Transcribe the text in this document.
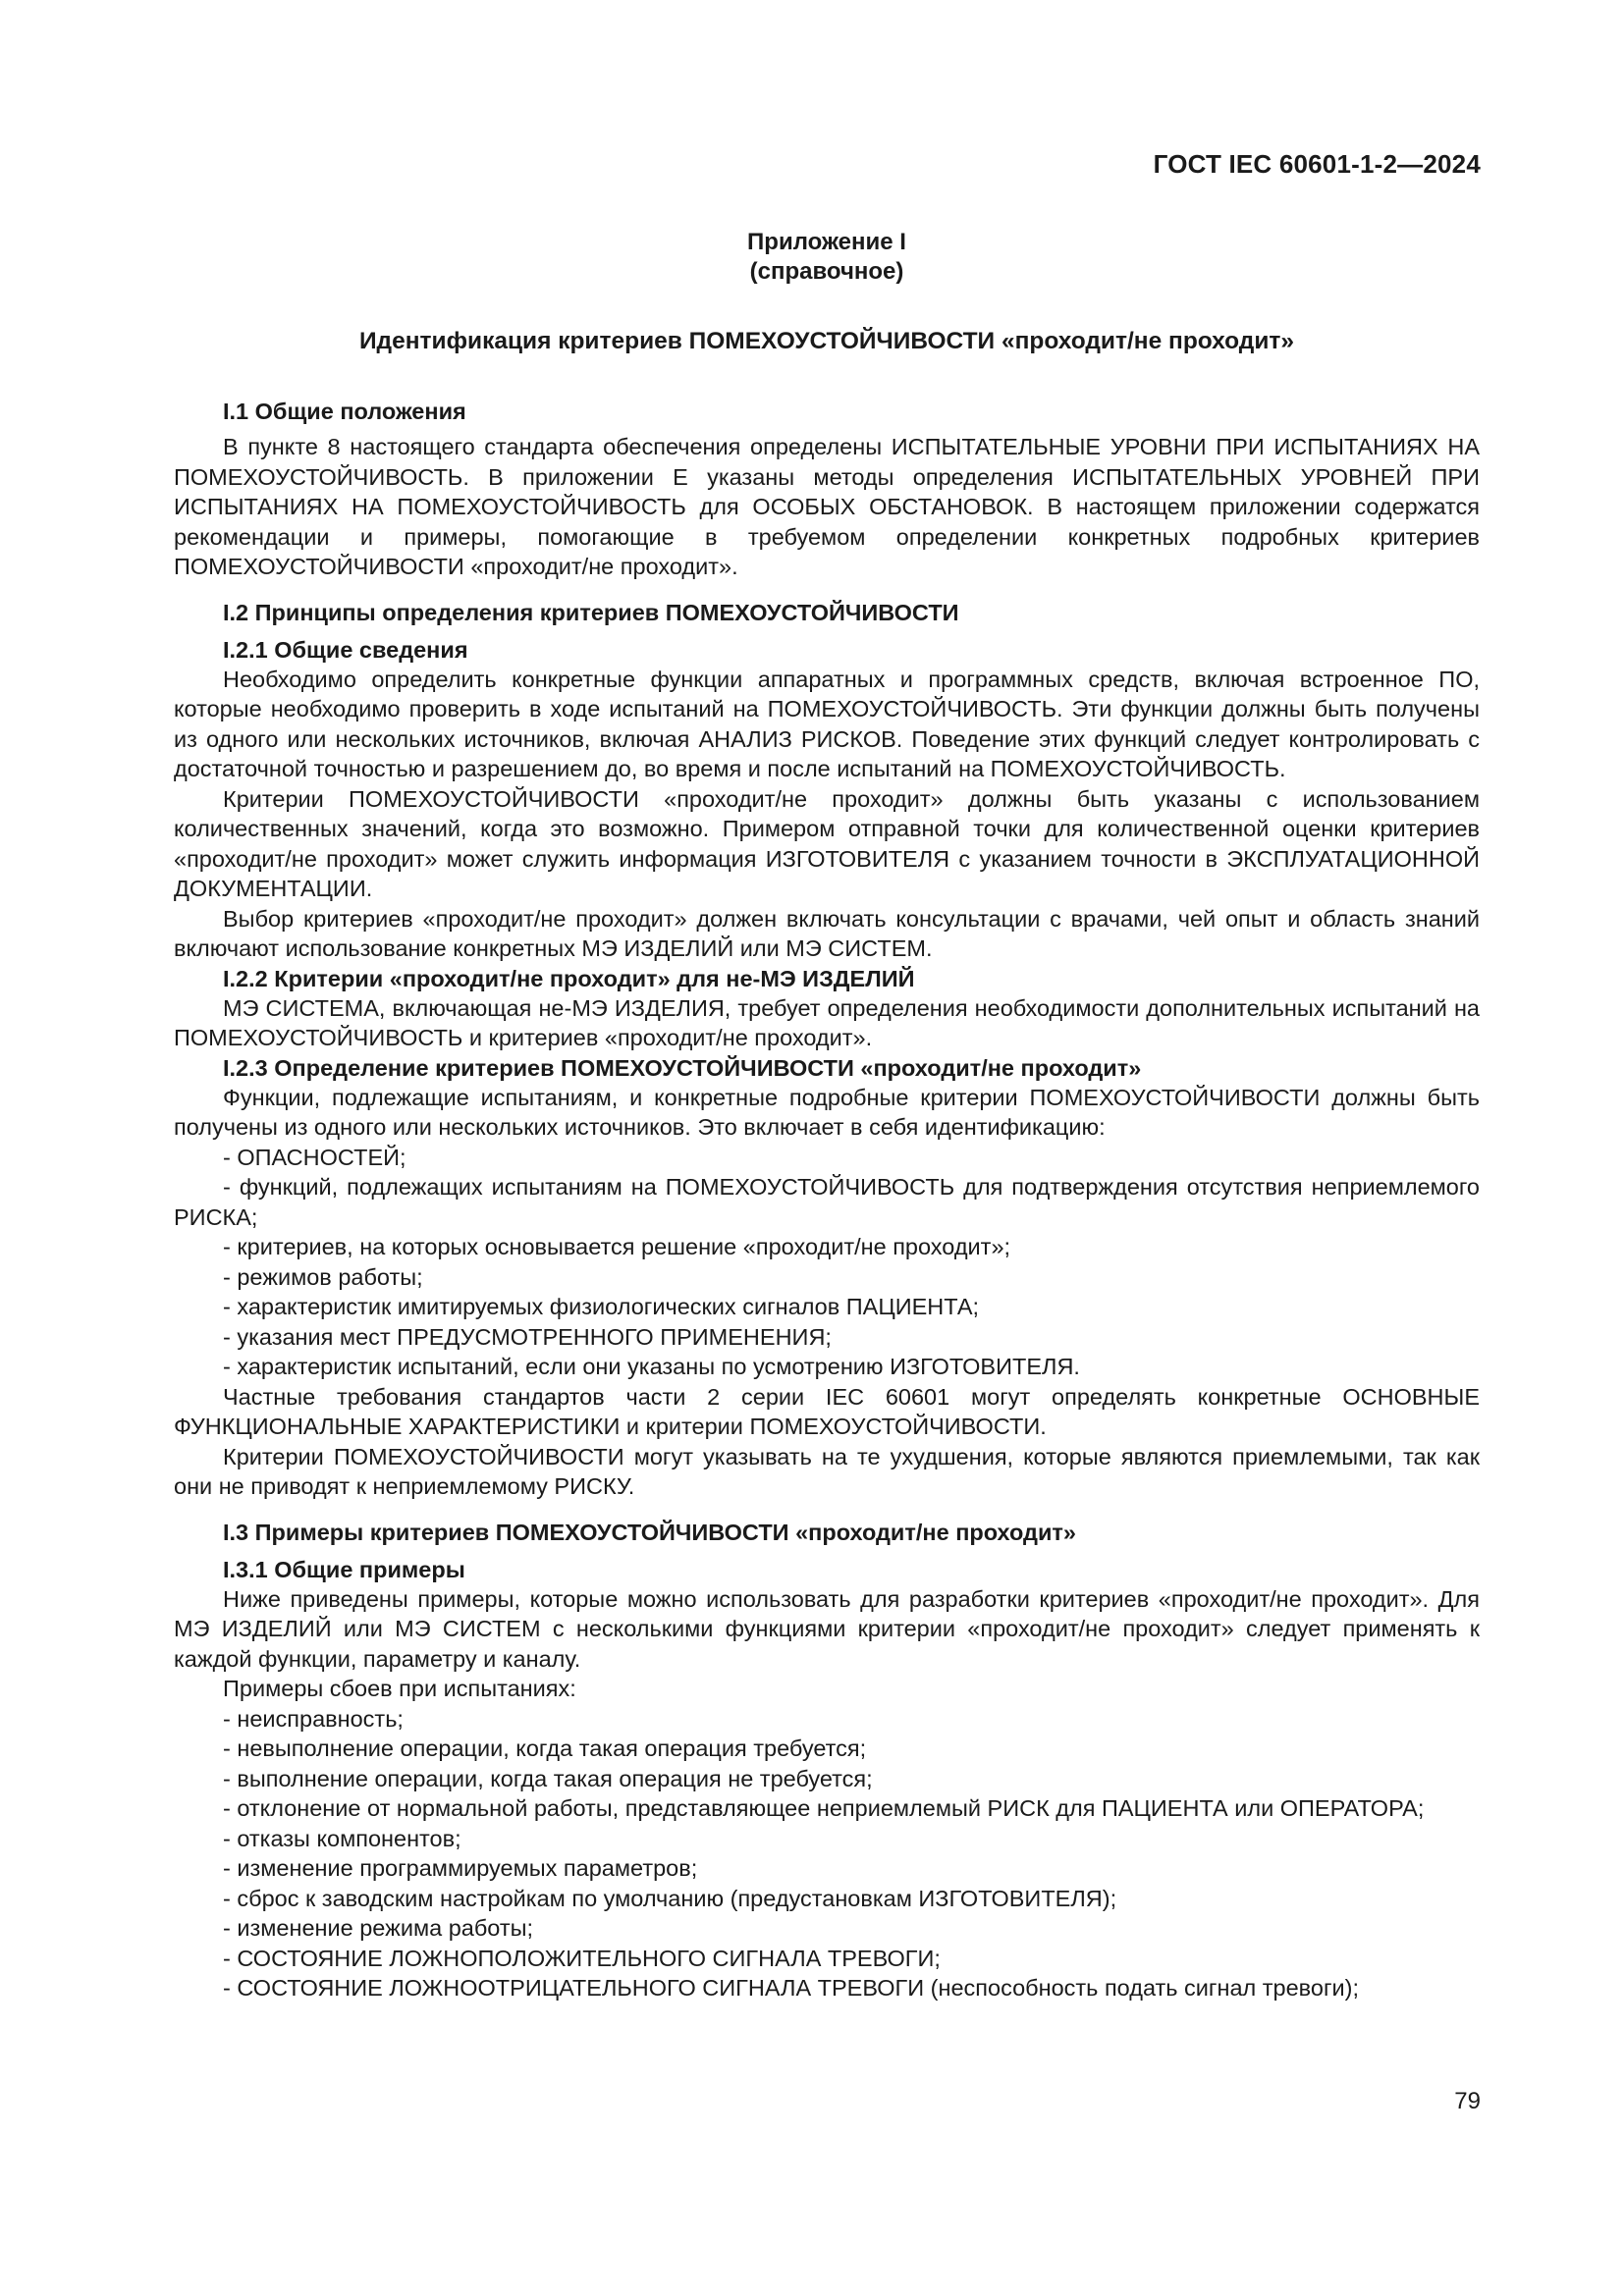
ГОСТ IEC 60601-1-2—2024
Приложение I
(справочное)
Идентификация критериев ПОМЕХОУСТОЙЧИВОСТИ «проходит/не проходит»
I.1 Общие положения

В пункте 8 настоящего стандарта обеспечения определены ИСПЫТАТЕЛЬНЫЕ УРОВНИ ПРИ ИСПЫТАНИЯХ НА ПОМЕХОУСТОЙЧИВОСТЬ. В приложении Е указаны методы определения ИСПЫТАТЕЛЬНЫХ УРОВНЕЙ ПРИ ИСПЫТАНИЯХ НА ПОМЕХОУСТОЙЧИВОСТЬ для ОСОБЫХ ОБСТАНОВОК. В настоящем приложении содержатся рекомендации и примеры, помогающие в требуемом определении конкретных подробных критериев ПОМЕХОУСТОЙЧИВОСТИ «проходит/не проходит».

I.2 Принципы определения критериев ПОМЕХОУСТОЙЧИВОСТИ
I.2.1 Общие сведения

Необходимо определить конкретные функции аппаратных и программных средств, включая встроенное ПО, которые необходимо проверить в ходе испытаний на ПОМЕХОУСТОЙЧИВОСТЬ. Эти функции должны быть получены из одного или нескольких источников, включая АНАЛИЗ РИСКОВ. Поведение этих функций следует контролировать с достаточной точностью и разрешением до, во время и после испытаний на ПОМЕХОУСТОЙЧИВОСТЬ.

Критерии ПОМЕХОУСТОЙЧИВОСТИ «проходит/не проходит» должны быть указаны с использованием количественных значений, когда это возможно. Примером отправной точки для количественной оценки критериев «проходит/не проходит» может служить информация ИЗГОТОВИТЕЛЯ с указанием точности в ЭКСПЛУАТАЦИОННОЙ ДОКУМЕНТАЦИИ.

Выбор критериев «проходит/не проходит» должен включать консультации с врачами, чей опыт и область знаний включают использование конкретных МЭ ИЗДЕЛИЙ или МЭ СИСТЕМ.

I.2.2 Критерии «проходит/не проходит» для не-МЭ ИЗДЕЛИЙ

МЭ СИСТЕМА, включающая не-МЭ ИЗДЕЛИЯ, требует определения необходимости дополнительных испытаний на ПОМЕХОУСТОЙЧИВОСТЬ и критериев «проходит/не проходит».

I.2.3 Определение критериев ПОМЕХОУСТОЙЧИВОСТИ «проходит/не проходит»

Функции, подлежащие испытаниям, и конкретные подробные критерии ПОМЕХОУСТОЙЧИВОСТИ должны быть получены из одного или нескольких источников. Это включает в себя идентификацию:

- ОПАСНОСТЕЙ;

- функций, подлежащих испытаниям на ПОМЕХОУСТОЙЧИВОСТЬ для подтверждения отсутствия неприемлемого РИСКА;

- критериев, на которых основывается решение «проходит/не проходит»;

- режимов работы;

- характеристик имитируемых физиологических сигналов ПАЦИЕНТА;

- указания мест ПРЕДУСМОТРЕННОГО ПРИМЕНЕНИЯ;

- характеристик испытаний, если они указаны по усмотрению ИЗГОТОВИТЕЛЯ.

Частные требования стандартов части 2 серии IEC 60601 могут определять конкретные ОСНОВНЫЕ ФУНКЦИОНАЛЬНЫЕ ХАРАКТЕРИСТИКИ и критерии ПОМЕХОУСТОЙЧИВОСТИ.

Критерии ПОМЕХОУСТОЙЧИВОСТИ могут указывать на те ухудшения, которые являются приемлемыми, так как они не приводят к неприемлемому РИСКУ.

I.3 Примеры критериев ПОМЕХОУСТОЙЧИВОСТИ «проходит/не проходит»
I.3.1 Общие примеры

Ниже приведены примеры, которые можно использовать для разработки критериев «проходит/не проходит». Для МЭ ИЗДЕЛИЙ или МЭ СИСТЕМ с несколькими функциями критерии «проходит/не проходит» следует применять к каждой функции, параметру и каналу.

Примеры сбоев при испытаниях:

- неисправность;

- невыполнение операции, когда такая операция требуется;

- выполнение операции, когда такая операция не требуется;

- отклонение от нормальной работы, представляющее неприемлемый РИСК для ПАЦИЕНТА или ОПЕРАТОРА;

- отказы компонентов;

- изменение программируемых параметров;

- сброс к заводским настройкам по умолчанию (предустановкам ИЗГОТОВИТЕЛЯ);

- изменение режима работы;

- СОСТОЯНИЕ ЛОЖНОПОЛОЖИТЕЛЬНОГО СИГНАЛА ТРЕВОГИ;

- СОСТОЯНИЕ ЛОЖНООТРИЦАТЕЛЬНОГО СИГНАЛА ТРЕВОГИ (неспособность подать сигнал тревоги);

79
